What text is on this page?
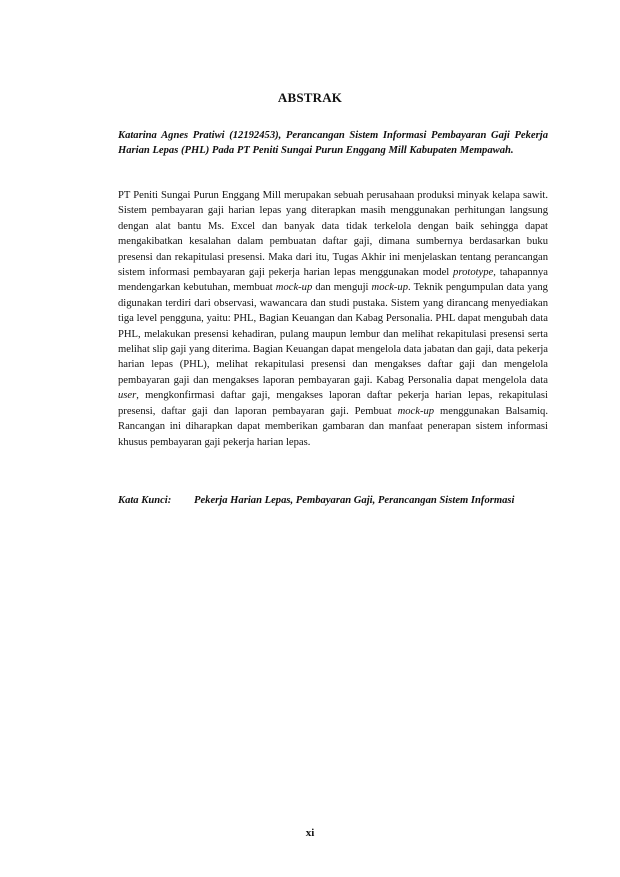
ABSTRAK
Katarina Agnes Pratiwi (12192453), Perancangan Sistem Informasi Pembayaran Gaji Pekerja Harian Lepas (PHL) Pada PT Peniti Sungai Purun Enggang Mill Kabupaten Mempawah.
PT Peniti Sungai Purun Enggang Mill merupakan sebuah perusahaan produksi minyak kelapa sawit. Sistem pembayaran gaji harian lepas yang diterapkan masih menggunakan perhitungan langsung dengan alat bantu Ms. Excel dan banyak data tidak terkelola dengan baik sehingga dapat mengakibatkan kesalahan dalam pembuatan daftar gaji, dimana sumbernya berdasarkan buku presensi dan rekapitulasi presensi. Maka dari itu, Tugas Akhir ini menjelaskan tentang perancangan sistem informasi pembayaran gaji pekerja harian lepas menggunakan model prototype, tahapannya mendengarkan kebutuhan, membuat mock-up dan menguji mock-up. Teknik pengumpulan data yang digunakan terdiri dari observasi, wawancara dan studi pustaka. Sistem yang dirancang menyediakan tiga level pengguna, yaitu: PHL, Bagian Keuangan dan Kabag Personalia. PHL dapat mengubah data PHL, melakukan presensi kehadiran, pulang maupun lembur dan melihat rekapitulasi presensi serta melihat slip gaji yang diterima. Bagian Keuangan dapat mengelola data jabatan dan gaji, data pekerja harian lepas (PHL), melihat rekapitulasi presensi dan mengakses daftar gaji dan mengelola pembayaran gaji dan mengakses laporan pembayaran gaji. Kabag Personalia dapat mengelola data user, mengkonfirmasi daftar gaji, mengakses laporan daftar pekerja harian lepas, rekapitulasi presensi, daftar gaji dan laporan pembayaran gaji. Pembuat mock-up menggunakan Balsamiq. Rancangan ini diharapkan dapat memberikan gambaran dan manfaat penerapan sistem informasi khusus pembayaran gaji pekerja harian lepas.
Kata Kunci:	Pekerja Harian Lepas, Pembayaran Gaji, Perancangan Sistem Informasi
xi
